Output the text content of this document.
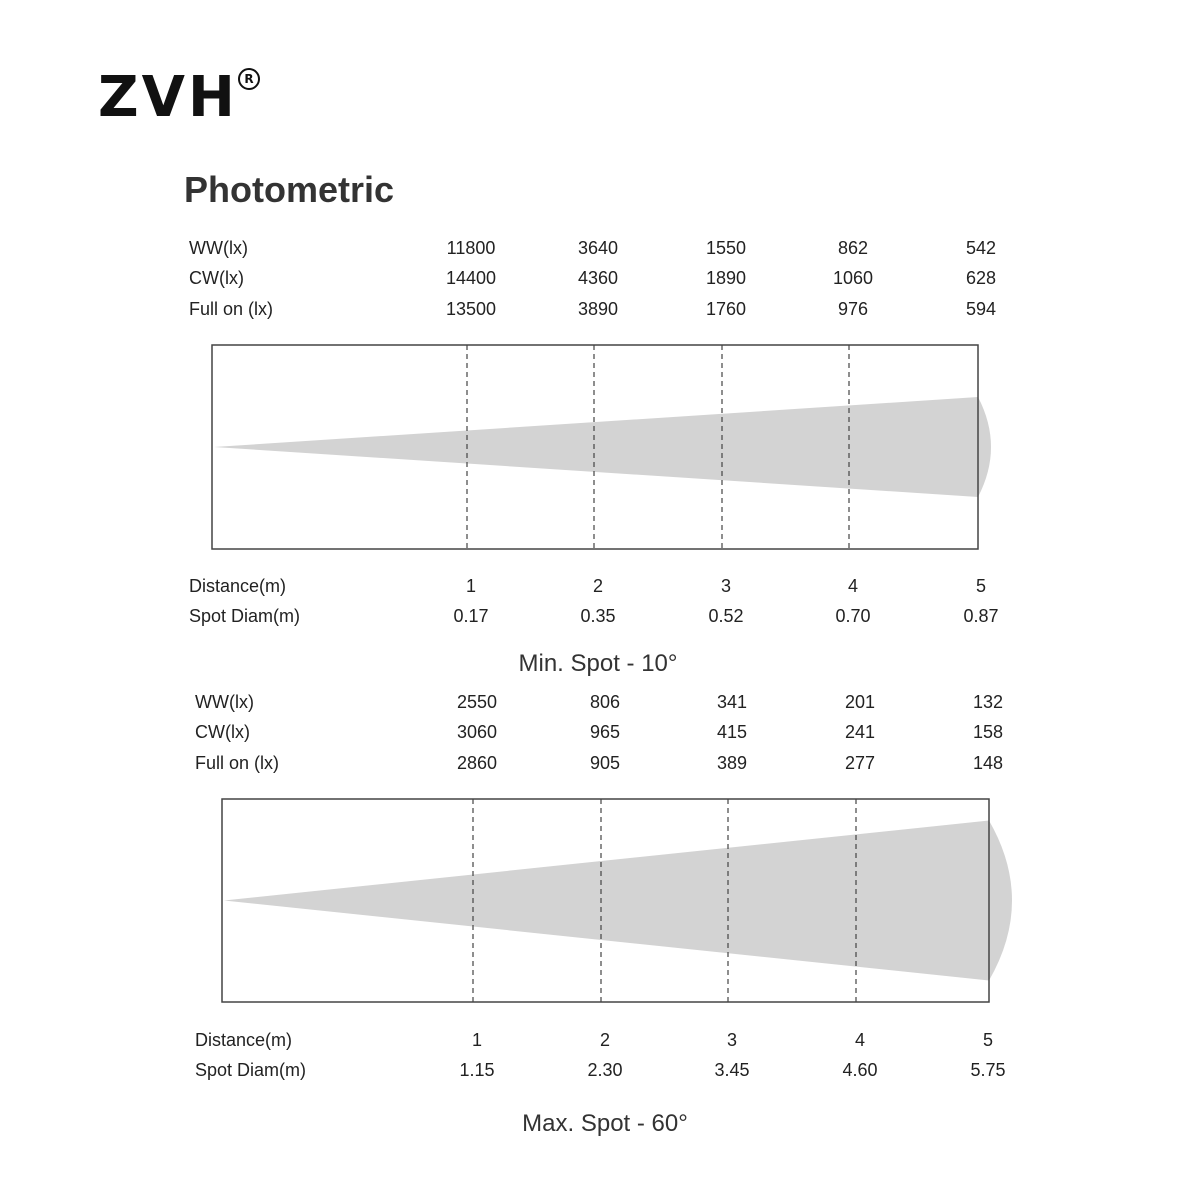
ZVH R
Photometric
WW(lx)	11800	3640	1550	862	542
CW(lx)	14400	4360	1890	1060	628
Full on (lx)	13500	3890	1760	976	594
Distance(m)	1	2	3	4	5
Spot Diam(m)	0.17	0.35	0.52	0.70	0.87
Min. Spot - 10°
WW(lx)	2550	806	341	201	132
CW(lx)	3060	965	415	241	158
Full on (lx)	2860	905	389	277	148
Distance(m)	1	2	3	4	5
Spot Diam(m)	1.15	2.30	3.45	4.60	5.75
Max. Spot - 60°
